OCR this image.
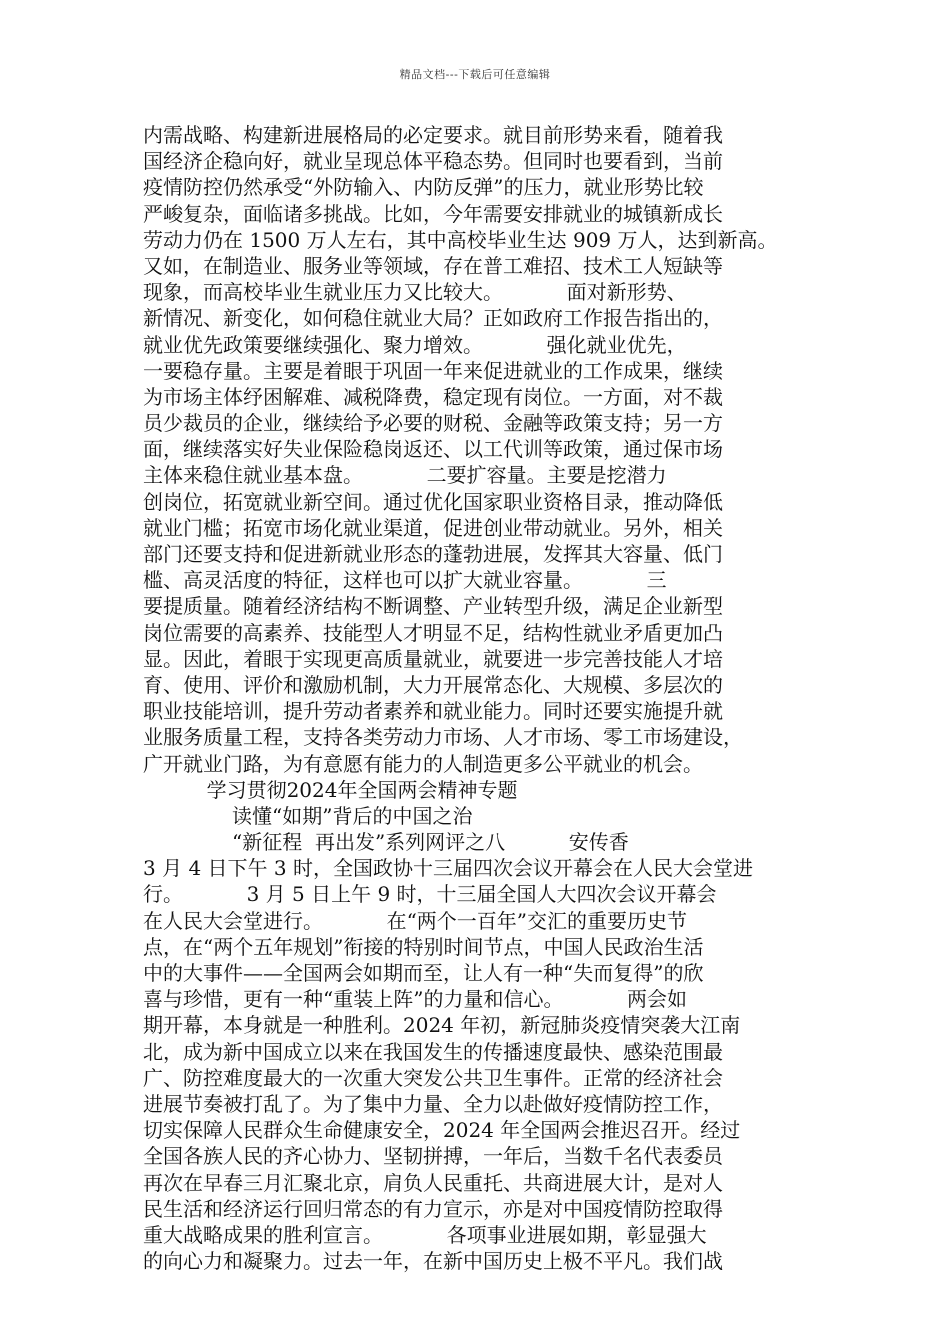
精品文档---下载后可任意编辑
内需战略、构建新进展格局的必定要求。就目前形势来看，随着我
国经济企稳向好，就业呈现总体平稳态势。但同时也要看到，当前
疫情防控仍然承受“外防输入、内防反弹”的压力，就业形势比较
严峻复杂，面临诸多挑战。比如，今年需要安排就业的城镇新成长
劳动力仍在 1500 万人左右，其中高校毕业生达 909 万人，达到新高。
又如，在制造业、服务业等领域，存在普工难招、技术工人短缺等
现象，而高校毕业生就业压力又比较大。          面对新形势、
新情况、新变化，如何稳住就业大局？正如政府工作报告指出的，
就业优先政策要继续强化、聚力增效。          强化就业优先，
一要稳存量。主要是着眼于巩固一年来促进就业的工作成果，继续
为市场主体纾困解难、减税降费，稳定现有岗位。一方面，对不裁
员少裁员的企业，继续给予必要的财税、金融等政策支持；另一方
面，继续落实好失业保险稳岗返还、以工代训等政策，通过保市场
主体来稳住就业基本盘。          二要扩容量。主要是挖潜力
创岗位，拓宽就业新空间。通过优化国家职业资格目录，推动降低
就业门槛；拓宽市场化就业渠道，促进创业带动就业。另外，相关
部门还要支持和促进新就业形态的蓬勃进展，发挥其大容量、低门
槛、高灵活度的特征，这样也可以扩大就业容量。          三
要提质量。随着经济结构不断调整、产业转型升级，满足企业新型
岗位需要的高素养、技能型人才明显不足，结构性就业矛盾更加凸
显。因此，着眼于实现更高质量就业，就要进一步完善技能人才培
育、使用、评价和激励机制，大力开展常态化、大规模、多层次的
职业技能培训，提升劳动者素养和就业能力。同时还要实施提升就
业服务质量工程，支持各类劳动力市场、人才市场、零工市场建设，
广开就业门路，为有意愿有能力的人制造更多公平就业的机会。
学习贯彻2024年全国两会精神专题
读懂“如期”背后的中国之治
“新征程  再出发”系列网评之八          安传香
3 月 4 日下午 3 时，全国政协十三届四次会议开幕会在人民大会堂进
行。          3 月 5 日上午 9 时，十三届全国人大四次会议开幕会
在人民大会堂进行。          在“两个一百年”交汇的重要历史节
点，在“两个五年规划”衔接的特别时间节点，中国人民政治生活
中的大事件——全国两会如期而至，让人有一种“失而复得”的欣
喜与珍惜，更有一种“重装上阵”的力量和信心。          两会如
期开幕，本身就是一种胜利。2024 年初，新冠肺炎疫情突袭大江南
北，成为新中国成立以来在我国发生的传播速度最快、感染范围最
广、防控难度最大的一次重大突发公共卫生事件。正常的经济社会
进展节奏被打乱了。为了集中力量、全力以赴做好疫情防控工作，
切实保障人民群众生命健康安全，2024 年全国两会推迟召开。经过
全国各族人民的齐心协力、坚韧拼搏，一年后，当数千名代表委员
再次在早春三月汇聚北京，肩负人民重托、共商进展大计，是对人
民生活和经济运行回归常态的有力宣示，亦是对中国疫情防控取得
重大战略成果的胜利宣言。          各项事业进展如期，彰显强大
的向心力和凝聚力。过去一年，在新中国历史上极不平凡。我们战
